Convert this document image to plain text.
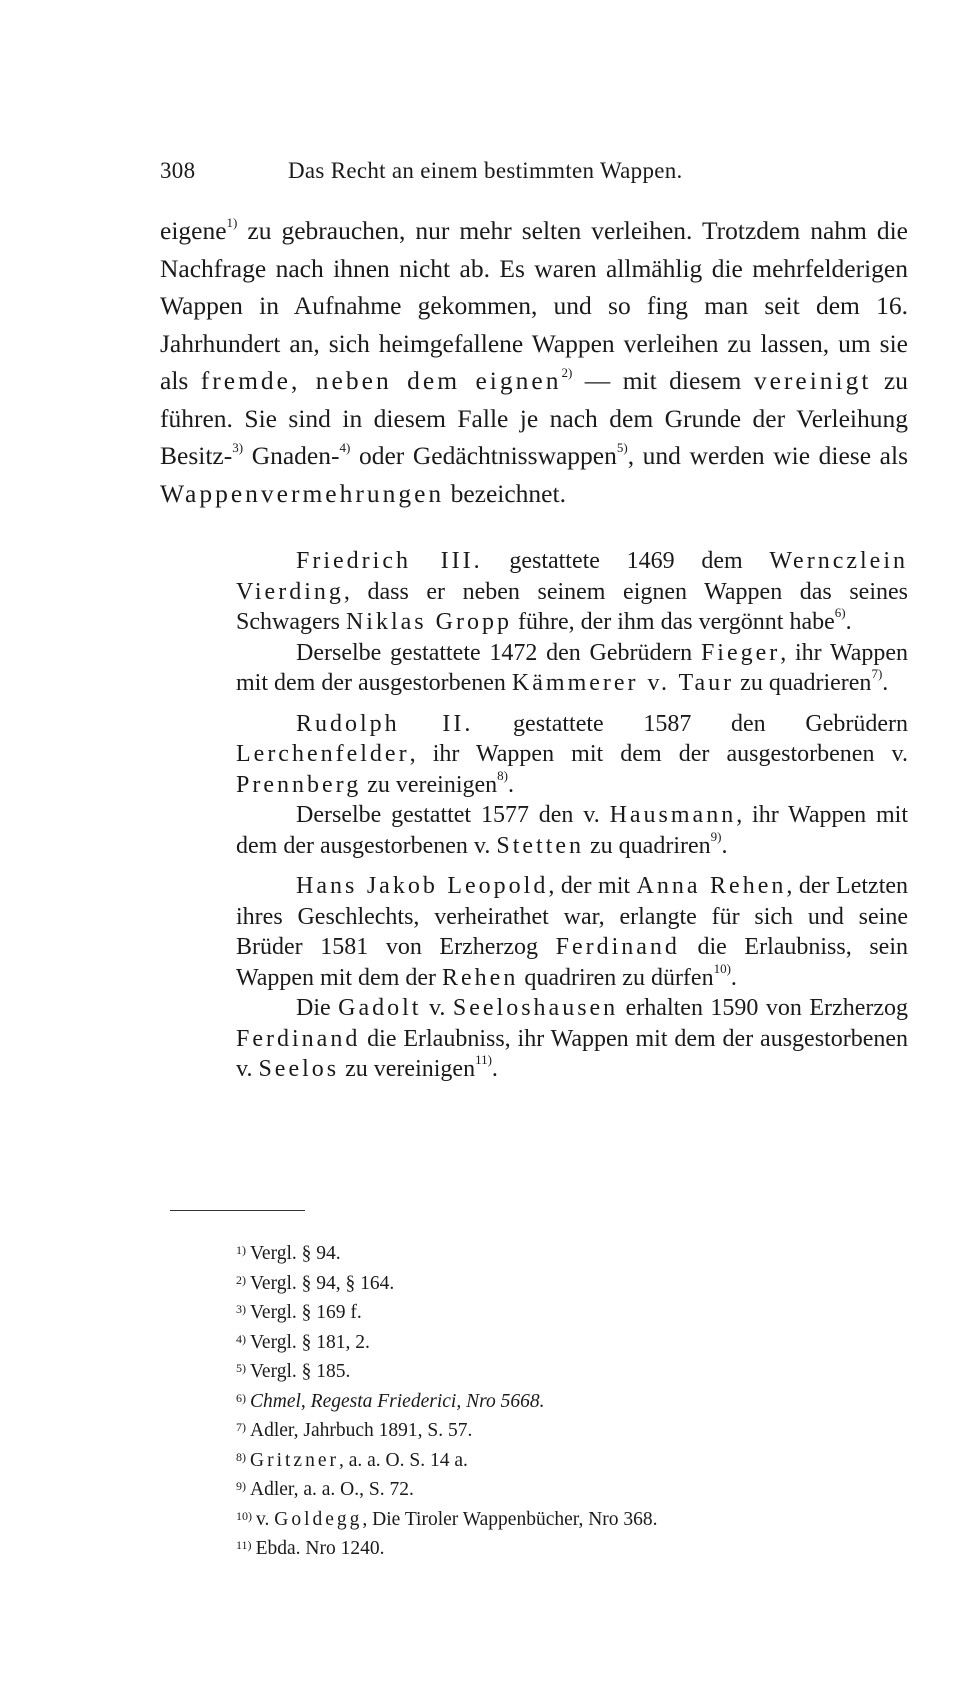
308	Das Recht an einem bestimmten Wappen.

eigene$^{1)}$ zu gebrauchen, nur mehr selten verleihen. Trotzdem nahm die Nachfrage nach ihnen nicht ab. Es waren allmählig die mehrfelderigen Wappen in Aufnahme gekommen, und so fing man seit dem 16. Jahrhundert an, sich heimgefallene Wappen verleihen zu lassen, um sie als fremde, neben dem eignen$^{2)}$ — mit diesem vereinigt zu führen. Sie sind in diesem Falle je nach dem Grunde der Verleihung Besitz-$^{3)}$ Gnaden-$^{4)}$ oder Gedächtnisswappen$^{5)}$, und werden wie diese als Wappenvermehrungen bezeichnet.

Friedrich III. gestattete 1469 dem Wernczlein Vierding, dass er neben seinem eignen Wappen das seines Schwagers Niklas Gropp führe, der ihm das vergönnt habe$^{6)}$.

Derselbe gestattete 1472 den Gebrüdern Fieger, ihr Wappen mit dem der ausgestorbenen Kämmerer v. Taur zu quadrieren$^{7)}$.

Rudolph II. gestattete 1587 den Gebrüdern Lerchenfelder, ihr Wappen mit dem der ausgestorbenen v. Prennberg zu vereinigen$^{8)}$.

Derselbe gestattet 1577 den v. Hausmann, ihr Wappen mit dem der ausgestorbenen v. Stetten zu quadriren$^{9)}$.

Hans Jakob Leopold, der mit Anna Rehen, der Letzten ihres Geschlechts, verheirathet war, erlangte für sich und seine Brüder 1581 von Erzherzog Ferdinand die Erlaubniss, sein Wappen mit dem der Rehen quadriren zu dürfen$^{10)}$.

Die Gadolt v. Seeloshausen erhalten 1590 von Erzherzog Ferdinand die Erlaubniss, ihr Wappen mit dem der ausgestorbenen v. Seelos zu vereinigen$^{11)}$.

$^{1)}$ Vergl. § 94.
$^{2)}$ Vergl. § 94, § 164.
$^{3)}$ Vergl. § 169 f.
$^{4)}$ Vergl. § 181, 2.
$^{5)}$ Vergl. § 185.
$^{6)}$ Chmel, Regesta Friederici, Nro 5668.
$^{7)}$ Adler, Jahrbuch 1891, S. 57.
$^{8)}$ Gritzner, a. a. O. S. 14 a.
$^{9)}$ Adler, a. a. O., S. 72.
$^{10)}$ v. Goldegg, Die Tiroler Wappenbücher, Nro 368.
$^{11)}$ Ebda. Nro 1240.
